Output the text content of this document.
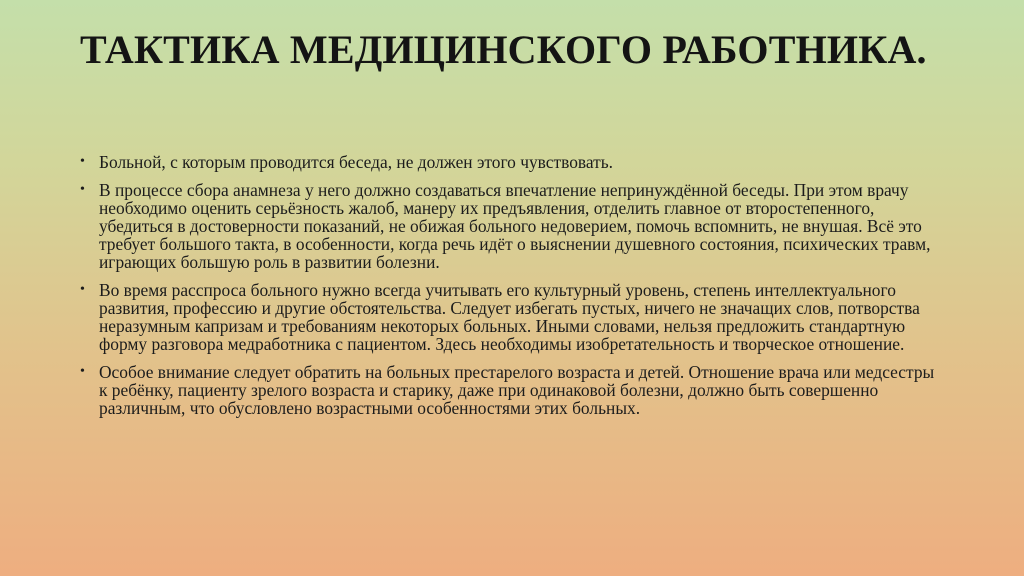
ТАКТИКА МЕДИЦИНСКОГО РАБОТНИКА.
• Больной, с которым проводится беседа, не должен этого чувствовать.
• В процессе сбора анамнеза у него должно создаваться впечатление непринуждённой беседы. При этом врачу необходимо оценить серьёзность жалоб, манеру их предъявления, отделить главное от второстепенного, убедиться в достоверности показаний, не обижая больного недоверием, помочь вспомнить, не внушая. Всё это требует большого такта, в особенности, когда речь идёт о выяснении душевного состояния, психических травм, играющих большую роль в развитии болезни.
• Во время расспроса больного нужно всегда учитывать его культурный уровень, степень интеллектуального развития, профессию и другие обстоятельства. Следует избегать пустых, ничего не значащих слов, потворства неразумным капризам и требованиям некоторых больных. Иными словами, нельзя предложить стандартную форму разговора медработника с пациентом. Здесь необходимы изобретательность и творческое отношение.
• Особое внимание следует обратить на больных престарелого возраста и детей. Отношение врача или медсестры к ребёнку, пациенту зрелого возраста и старику, даже при одинаковой болезни, должно быть совершенно различным, что обусловлено возрастными особенностями этих больных.
